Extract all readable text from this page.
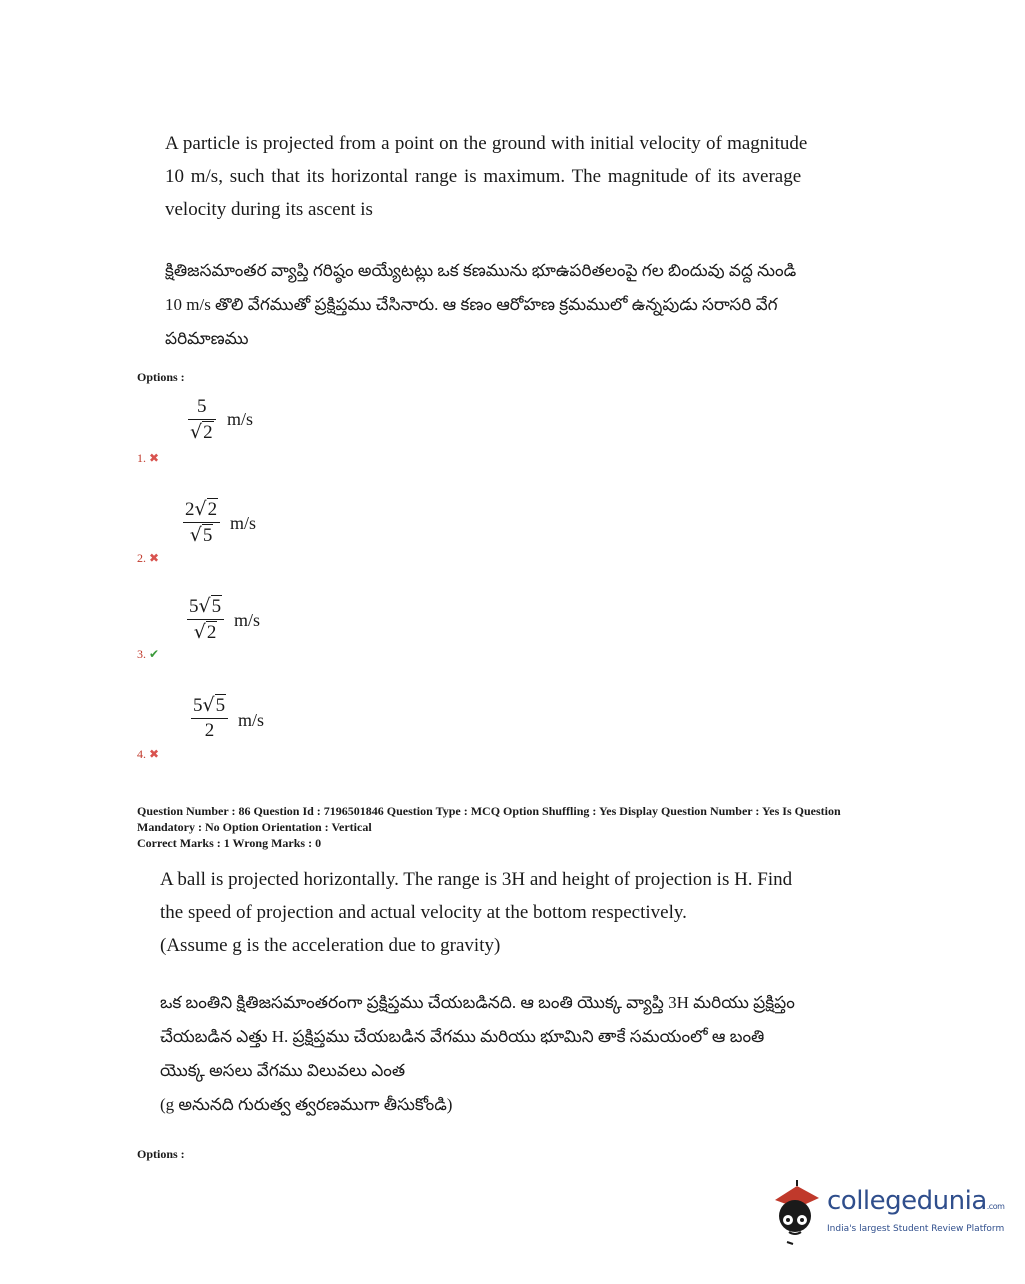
A particle is projected from a point on the ground with initial velocity of magnitude
10 m/s, such that its horizontal range is maximum. The magnitude of its average
velocity during its ascent is
క్షితిజసమాంతర వ్యాప్తి గరిష్ఠం అయ్యేటట్లు ఒక కణమును భూఉపరితలంపై గల బిందువు వద్ద నుండి
10 m/s తొలి వేగముతో ప్రక్షిప్తము చేసినారు. ఆ కణం ఆరోహణ క్రమములో ఉన్నపుడు సరాసరి వేగ
పరిమాణము
Options :
5
√2
m/s
1. ✖
2√2
√5
m/s
2. ✖
5√5
√2
m/s
3. ✔
5√5
2 m/s
4. ✖
Question Number : 86 Question Id : 7196501846 Question Type : MCQ Option Shuffling : Yes Display Question Number : Yes Is Question
Mandatory : No Option Orientation : Vertical
Correct Marks : 1 Wrong Marks : 0
A ball is projected horizontally. The range is 3H and height of projection is H. Find
the speed of projection and actual velocity at the bottom respectively.
(Assume g is the acceleration due to gravity)
ఒక బంతిని క్షితిజసమాంతరంగా ప్రక్షిప్తము చేయబడినది. ఆ బంతి యొక్క వ్యాప్తి 3H మరియు ప్రక్షిప్తం
చేయబడిన ఎత్తు H. ప్రక్షిప్తము చేయబడిన వేగము మరియు భూమిని తాకే సమయంలో ఆ బంతి
యొక్క అసలు వేగము విలువలు ఎంత
(g అనునది గురుత్వ త్వరణముగా తీసుకోండి)
Options :
collegedunia.com
India's largest Student Review Platform
